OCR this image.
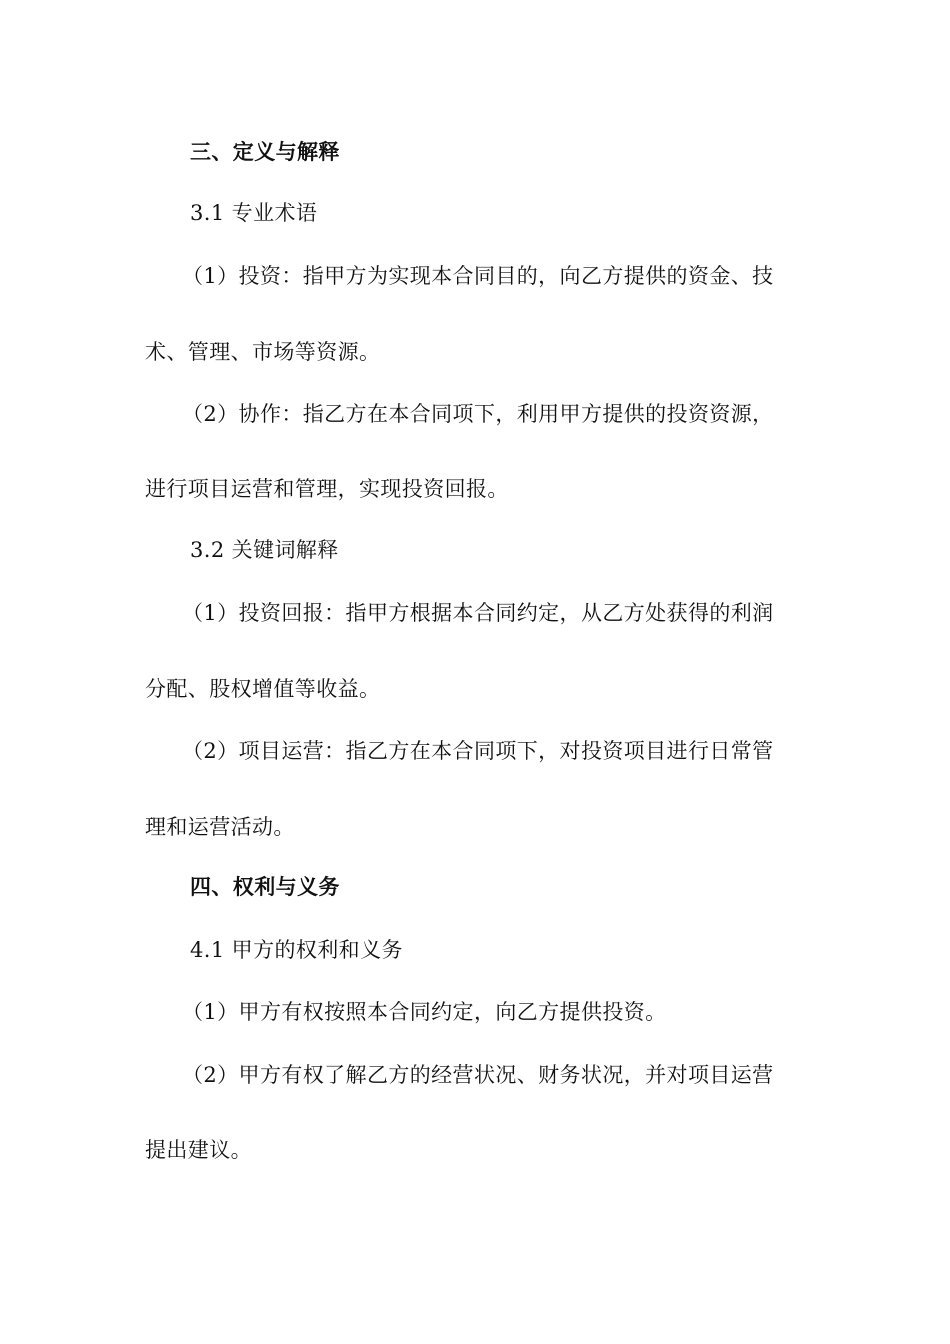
三、定义与解释
3.1 专业术语
（1）投资：指甲方为实现本合同目的，向乙方提供的资金、技
术、管理、市场等资源。
（2）协作：指乙方在本合同项下，利用甲方提供的投资资源，
进行项目运营和管理，实现投资回报。
3.2 关键词解释
（1）投资回报：指甲方根据本合同约定，从乙方处获得的利润
分配、股权增值等收益。
（2）项目运营：指乙方在本合同项下，对投资项目进行日常管
理和运营活动。
四、权利与义务
4.1 甲方的权利和义务
（1）甲方有权按照本合同约定，向乙方提供投资。
（2）甲方有权了解乙方的经营状况、财务状况，并对项目运营
提出建议。
